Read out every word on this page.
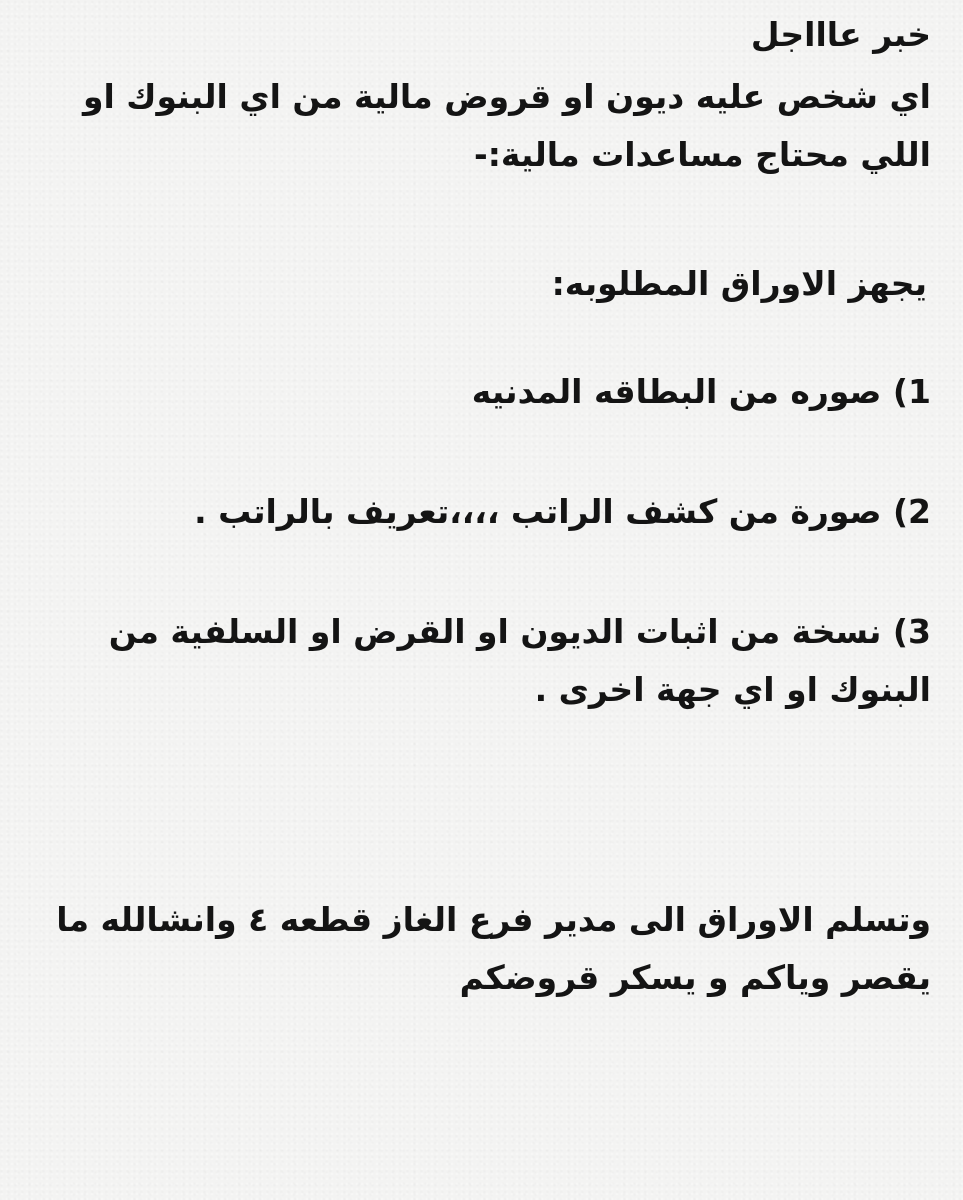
خبر عاااجل
اي شخص عليه ديون او قروض مالية من اي البنوك او
اللي محتاج مساعدات مالية:-
يجهز الاوراق المطلوبه:
1) صوره من البطاقه المدنيه
2) صورة من كشف الراتب ،،،،تعريف بالراتب .
3) نسخة من اثبات الديون او القرض او السلفية من
البنوك او اي جهة اخرى .
وتسلم الاوراق الى مدير فرع الغاز قطعه ٤ وانشالله ما
يقصر وياكم و يسكر قروضكم
